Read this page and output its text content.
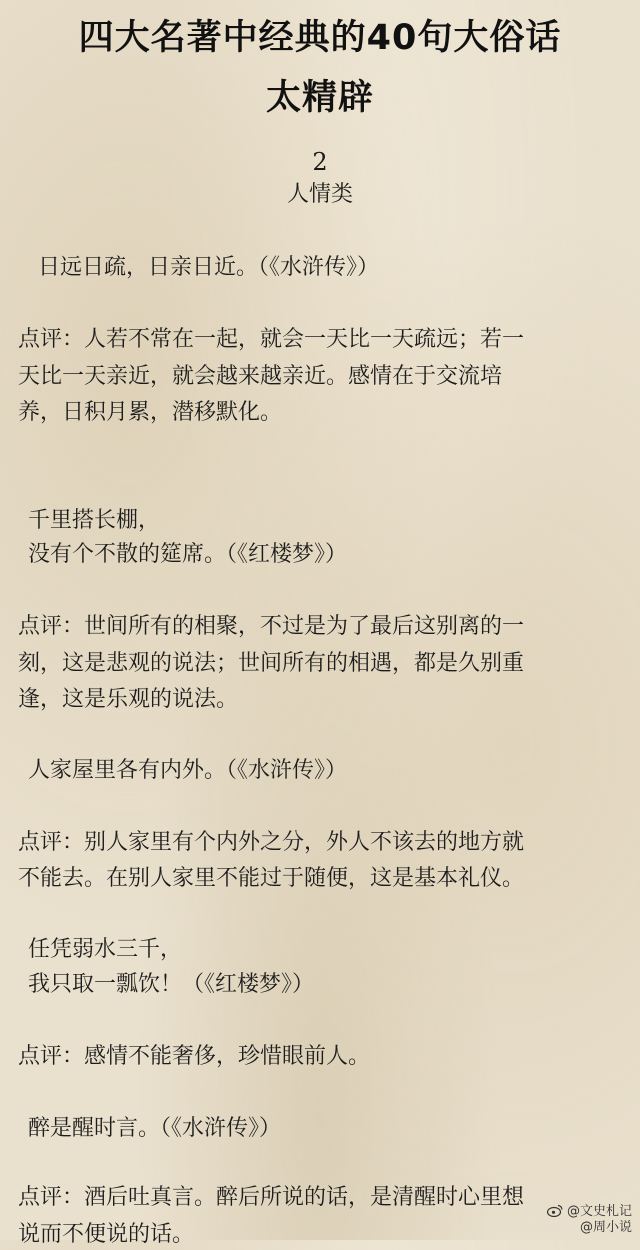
四大名著中经典的40句大俗话
太精辟
2
人情类
日远日疏，日亲日近。（《水浒传》）
点评：人若不常在一起，就会一天比一天疏远；若一
天比一天亲近，就会越来越亲近。感情在于交流培
养，日积月累，潜移默化。
千里搭长棚，
没有个不散的筵席。（《红楼梦》）
点评：世间所有的相聚，不过是为了最后这别离的一
刻，这是悲观的说法；世间所有的相遇，都是久别重
逢，这是乐观的说法。
人家屋里各有内外。（《水浒传》）
点评：别人家里有个内外之分，外人不该去的地方就
不能去。在别人家里不能过于随便，这是基本礼仪。
任凭弱水三千，
我只取一瓢饮！（《红楼梦》）
点评：感情不能奢侈，珍惜眼前人。
醉是醒时言。（《水浒传》）
点评：酒后吐真言。醉后所说的话，是清醒时心里想
说而不便说的话。
@文史札记
@周小说
